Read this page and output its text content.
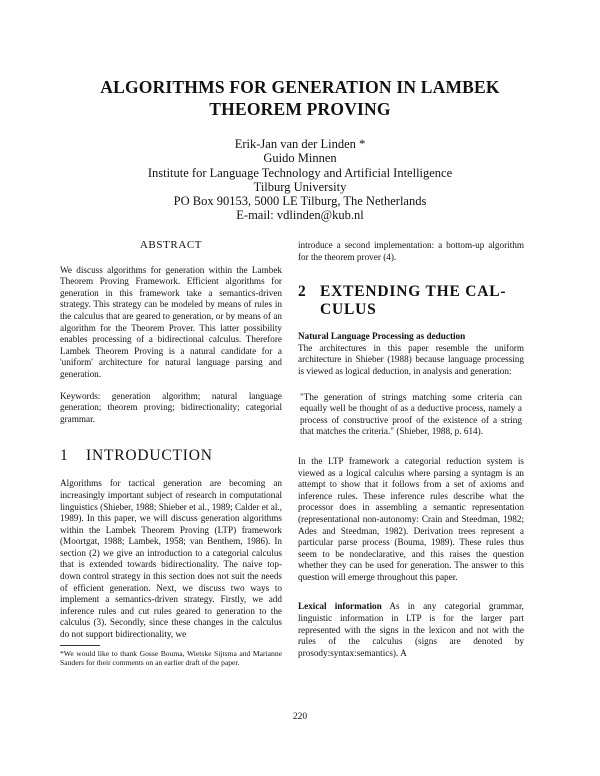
ALGORITHMS FOR GENERATION IN LAMBEK
THEOREM PROVING
Erik-Jan van der Linden *
Guido Minnen
Institute for Language Technology and Artificial Intelligence
Tilburg University
PO Box 90153, 5000 LE Tilburg, The Netherlands
E-mail: vdlinden@kub.nl
ABSTRACT

We discuss algorithms for generation within the Lambek Theorem Proving Framework. Efficient algorithms for generation in this framework take a semantics-driven strategy. This strategy can be modeled by means of rules in the calculus that are geared to generation, or by means of an algorithm for the Theorem Prover. This latter possibility enables processing of a bidirectional calculus. Therefore Lambek Theorem Proving is a natural candidate for a 'uniform' architecture for natural language parsing and generation.

Keywords: generation algorithm; natural language generation; theorem proving; bidirectionality; categorial grammar.

1 INTRODUCTION

Algorithms for tactical generation are becoming an increasingly important subject of research in computational linguistics (Shieber, 1988; Shieber et al., 1989; Calder et al., 1989). In this paper, we will discuss generation algorithms within the Lambek Theorem Proving (LTP) framework (Moortgat, 1988; Lambek, 1958; van Benthem, 1986). In section (2) we give an introduction to a categorial calculus that is extended towards bidirectionality. The naive top-down control strategy in this section does not suit the needs of efficient generation. Next, we discuss two ways to implement a semantics-driven strategy. Firstly, we add inference rules and cut rules geared to generation to the calculus (3). Secondly, since these changes in the calculus do not support bidirectionality, we

*We would like to thank Gosse Bouma, Wietske Sijtsma and Marianne Sanders for their comments on an earlier draft of the paper.

introduce a second implementation: a bottom-up algorithm for the theorem prover (4).

2 EXTENDING THE CAL-
CULUS

Natural Language Processing as deduction

The architectures in this paper resemble the uniform architecture in Shieber (1988) because language processing is viewed as logical deduction, in analysis and generation:

"The generation of strings matching some criteria can equally well be thought of as a deductive process, namely a process of constructive proof of the existence of a string that matches the criteria." (Shieber, 1988, p. 614).

In the LTP framework a categorial reduction system is viewed as a logical calculus where parsing a syntagm is an attempt to show that it follows from a set of axioms and inference rules. These inference rules describe what the processor does in assembling a semantic representation (representational non-autonomy: Crain and Steedman, 1982; Ades and Steedman, 1982). Derivation trees represent a particular parse process (Bouma, 1989). These rules thus seem to be nondeclarative, and this raises the question whether they can be used for generation. The answer to this question will emerge throughout this paper.

Lexical information As in any categorial grammar, linguistic information in LTP is for the larger part represented with the signs in the lexicon and not with the rules of the calculus (signs are denoted by prosody:syntax:semantics). A

220
